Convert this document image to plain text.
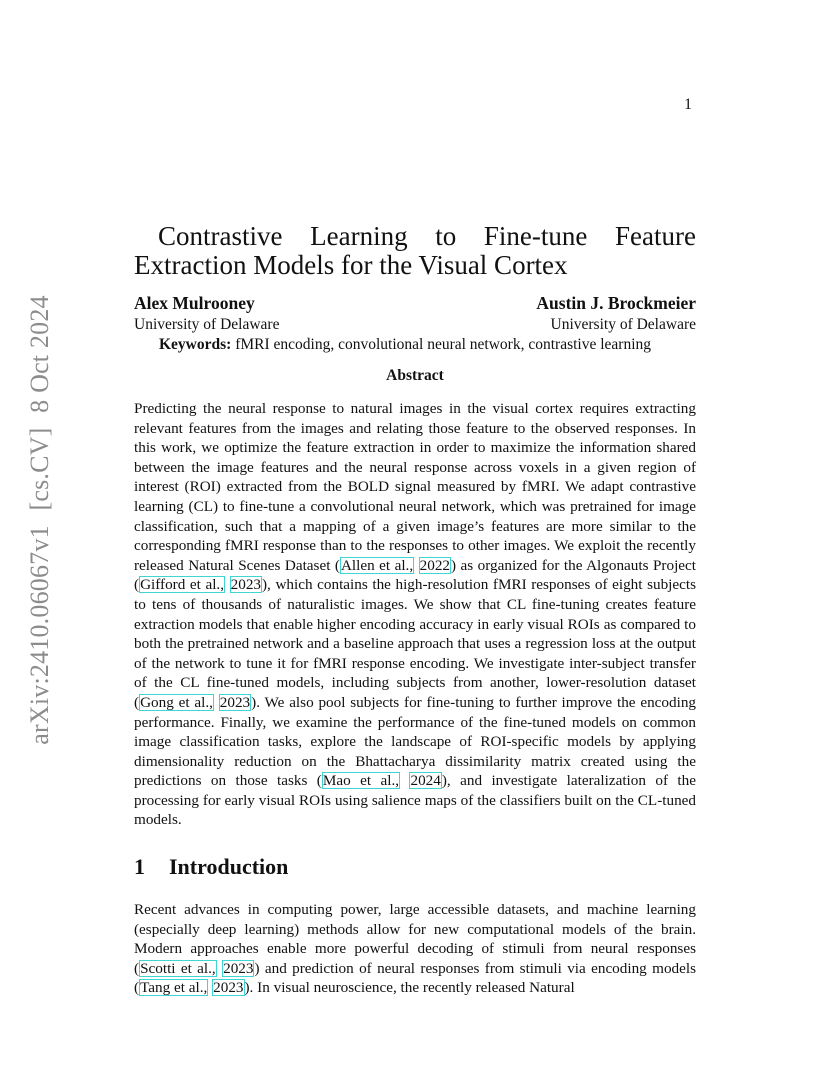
1
arXiv:2410.06067v1 [cs.CV] 8 Oct 2024
Contrastive Learning to Fine-tune Feature Extraction Models for the Visual Cortex
Alex Mulrooney
University of Delaware
Austin J. Brockmeier
University of Delaware
Keywords: fMRI encoding, convolutional neural network, contrastive learning
Abstract
Predicting the neural response to natural images in the visual cortex requires extracting relevant features from the images and relating those feature to the observed responses. In this work, we optimize the feature extraction in order to maximize the information shared between the image features and the neural response across voxels in a given region of interest (ROI) extracted from the BOLD signal measured by fMRI. We adapt contrastive learning (CL) to fine-tune a convolutional neural network, which was pretrained for image classification, such that a mapping of a given image’s features are more similar to the corresponding fMRI response than to the responses to other images. We exploit the recently released Natural Scenes Dataset (Allen et al., 2022) as organized for the Algonauts Project (Gifford et al., 2023), which contains the high-resolution fMRI responses of eight subjects to tens of thousands of naturalistic images. We show that CL fine-tuning creates feature extraction models that enable higher encoding accuracy in early visual ROIs as compared to both the pretrained network and a baseline approach that uses a regression loss at the output of the network to tune it for fMRI response encoding. We investigate inter-subject transfer of the CL fine-tuned models, including subjects from another, lower-resolution dataset (Gong et al., 2023). We also pool subjects for fine-tuning to further improve the encoding performance. Finally, we examine the performance of the fine-tuned models on common image classification tasks, explore the landscape of ROI-specific models by applying dimensionality reduction on the Bhattacharya dissimilarity matrix created using the predictions on those tasks (Mao et al., 2024), and investigate lateralization of the processing for early visual ROIs using salience maps of the classifiers built on the CL-tuned models.
1 Introduction
Recent advances in computing power, large accessible datasets, and machine learning (especially deep learning) methods allow for new computational models of the brain. Modern approaches enable more powerful decoding of stimuli from neural responses (Scotti et al., 2023) and prediction of neural responses from stimuli via encoding models (Tang et al., 2023). In visual neuroscience, the recently released Natural
